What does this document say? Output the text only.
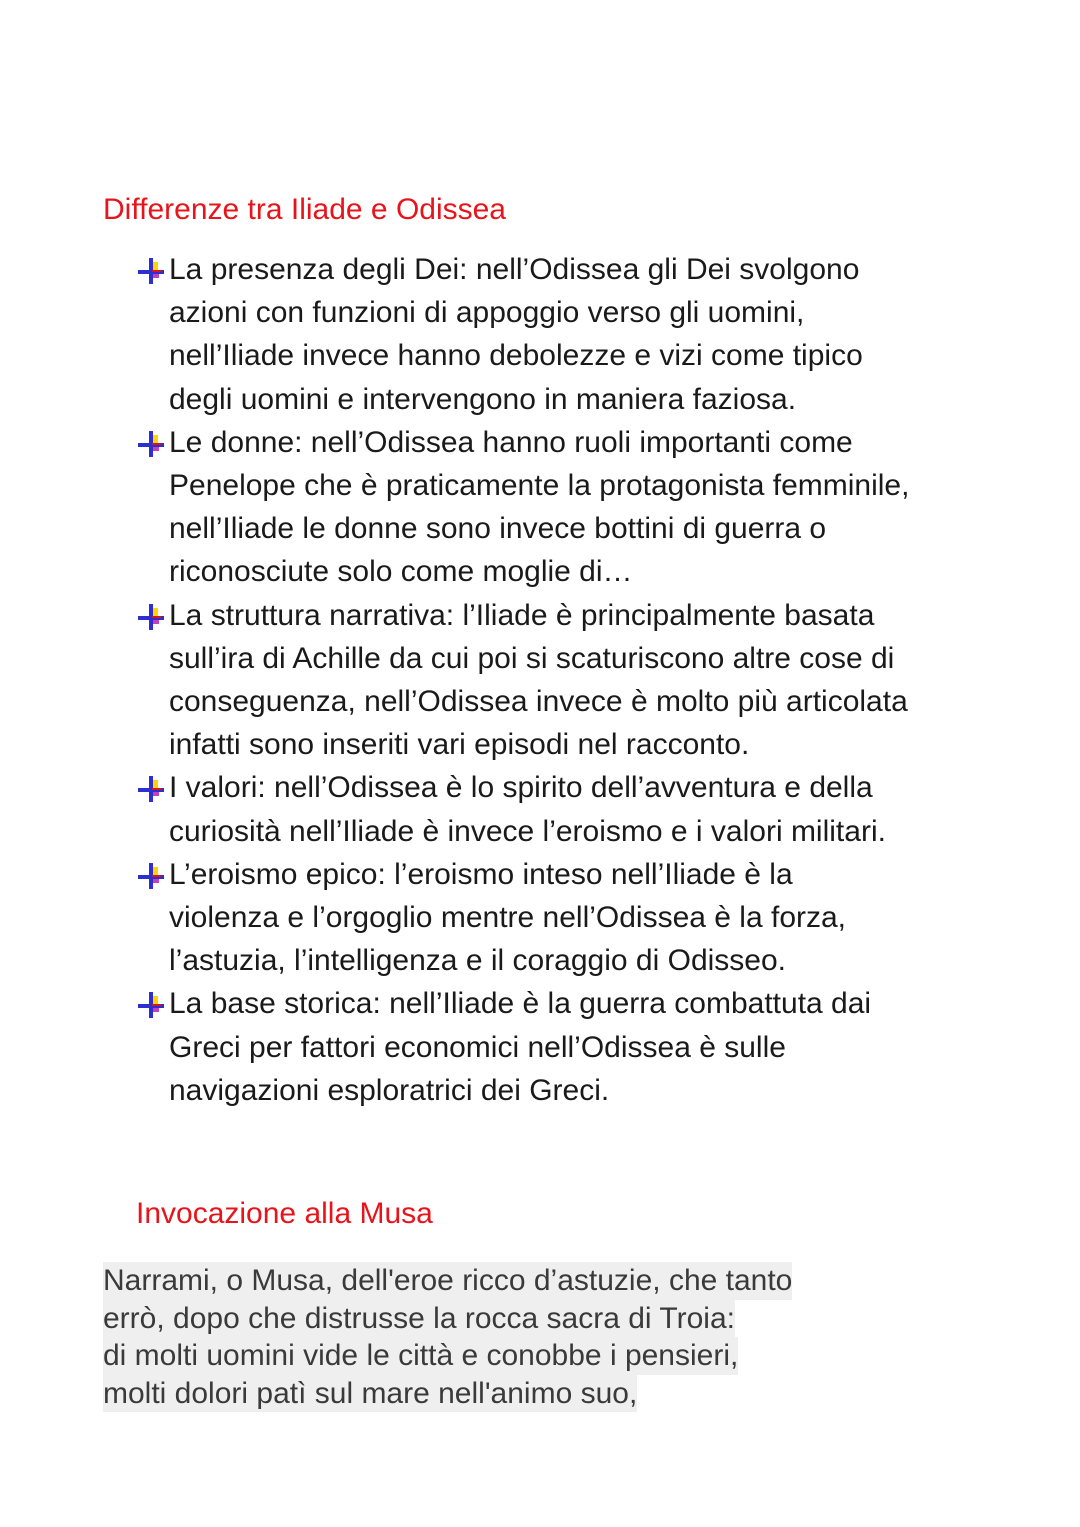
Differenze tra Iliade e Odissea
La presenza degli Dei: nell’Odissea gli Dei svolgono
azioni con funzioni di appoggio verso gli uomini,
nell’Iliade invece hanno debolezze e vizi come tipico
degli uomini e intervengono in maniera faziosa.
Le donne: nell’Odissea hanno ruoli importanti come
Penelope che è praticamente la protagonista femminile,
nell’Iliade le donne sono invece bottini di guerra o
riconosciute solo come moglie di…
La struttura narrativa: l’Iliade è principalmente basata
sull’ira di Achille da cui poi si scaturiscono altre cose di
conseguenza, nell’Odissea invece è molto più articolata
infatti sono inseriti vari episodi nel racconto.
I valori: nell’Odissea è lo spirito dell’avventura e della
curiosità nell’Iliade è invece l’eroismo e i valori militari.
L’eroismo epico: l’eroismo inteso nell’Iliade è la
violenza e l’orgoglio mentre nell’Odissea è la forza,
l’astuzia, l’intelligenza e il coraggio di Odisseo.
La base storica: nell’Iliade è la guerra combattuta dai
Greci per fattori economici nell’Odissea è sulle
navigazioni esploratrici dei Greci.
Invocazione alla Musa
Narrami, o Musa, dell'eroe ricco d’astuzie, che tanto
errò, dopo che distrusse la rocca sacra di Troia:
di molti uomini vide le città e conobbe i pensieri,
molti dolori patì sul mare nell'animo suo,
